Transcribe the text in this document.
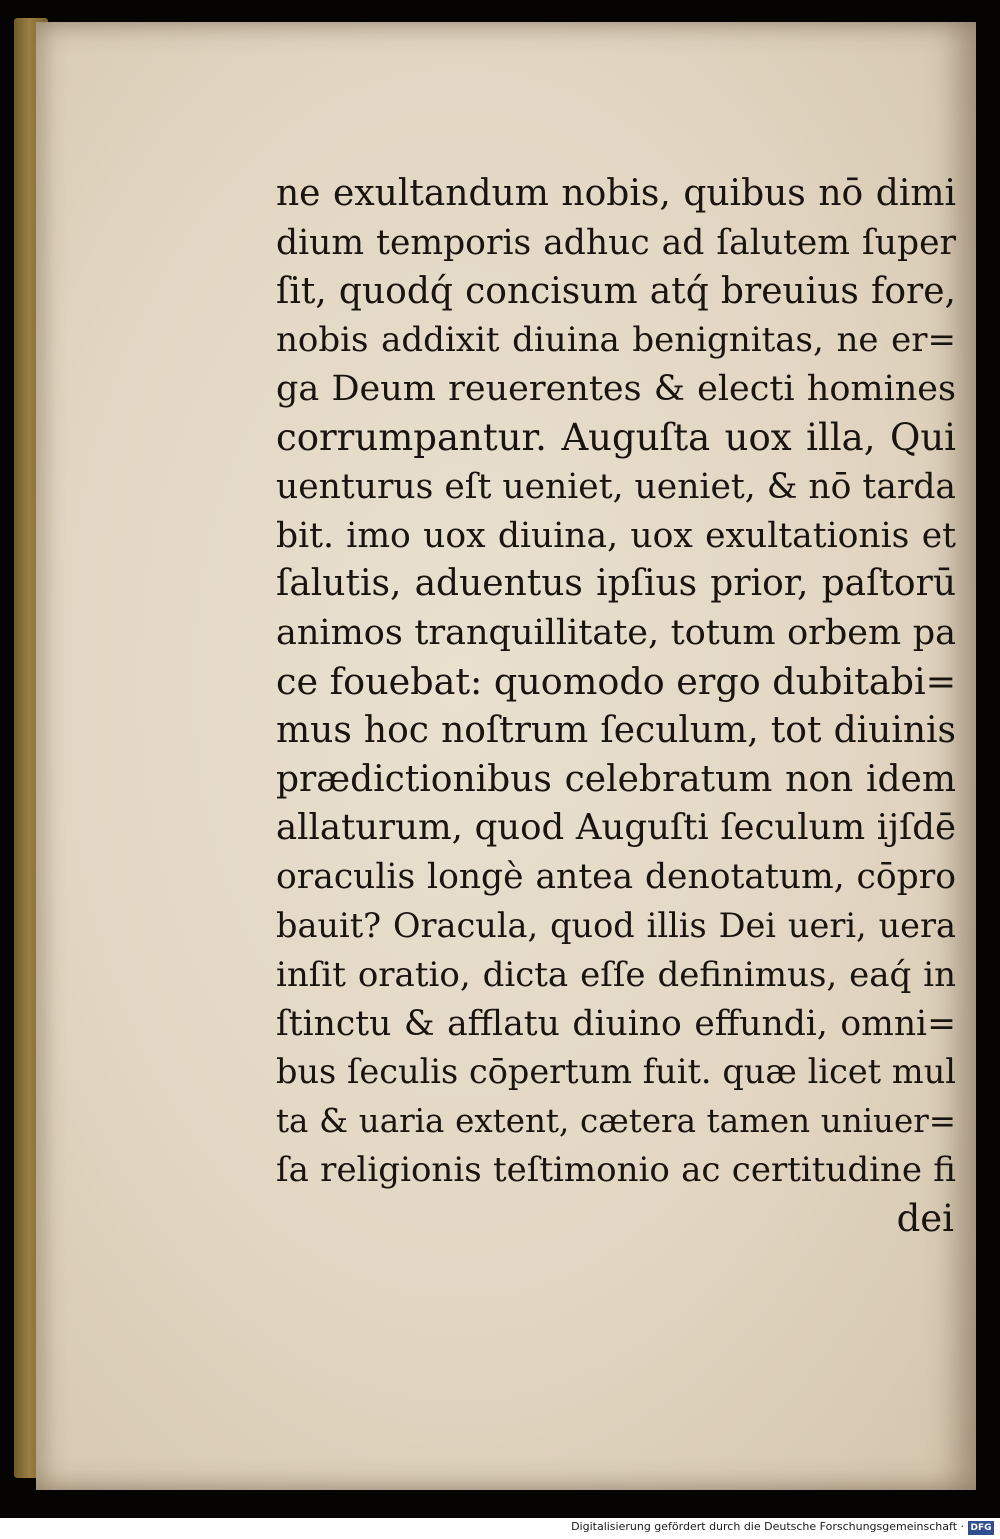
ne exultandum nobis, quibus nō dimi
dium temporis adhuc ad ſalutem ſuper
ſit, quodq́ concisum atq́ breuius fore,
nobis addixit diuina benignitas, ne er=
ga Deum reuerentes & electi homines
corrumpantur. Auguſta uox illa, Qui
uenturus eſt ueniet, ueniet, & nō tarda
bit. imo uox diuina, uox exultationis et
ſalutis, aduentus ipſius prior, paſtorū
animos tranquillitate, totum orbem pa
ce fouebat: quomodo ergo dubitabi=
mus hoc noſtrum ſeculum, tot diuinis
prædictionibus celebratum non idem
allaturum, quod Auguſti ſeculum ijſdē
oraculis longè antea denotatum, cōpro
bauit? Oracula, quod illis Dei ueri, uera
inſit oratio, dicta eſſe definimus, eaq́ in
ſtinctu & afflatu diuino effundi, omni=
bus ſeculis cōpertum fuit. quæ licet mul
ta & uaria extent, cætera tamen uniuer=
ſa religionis teſtimonio ac certitudine fi
dei
Digitalisierung gefördert durch die Deutsche Forschungsgemeinschaft · DFG
